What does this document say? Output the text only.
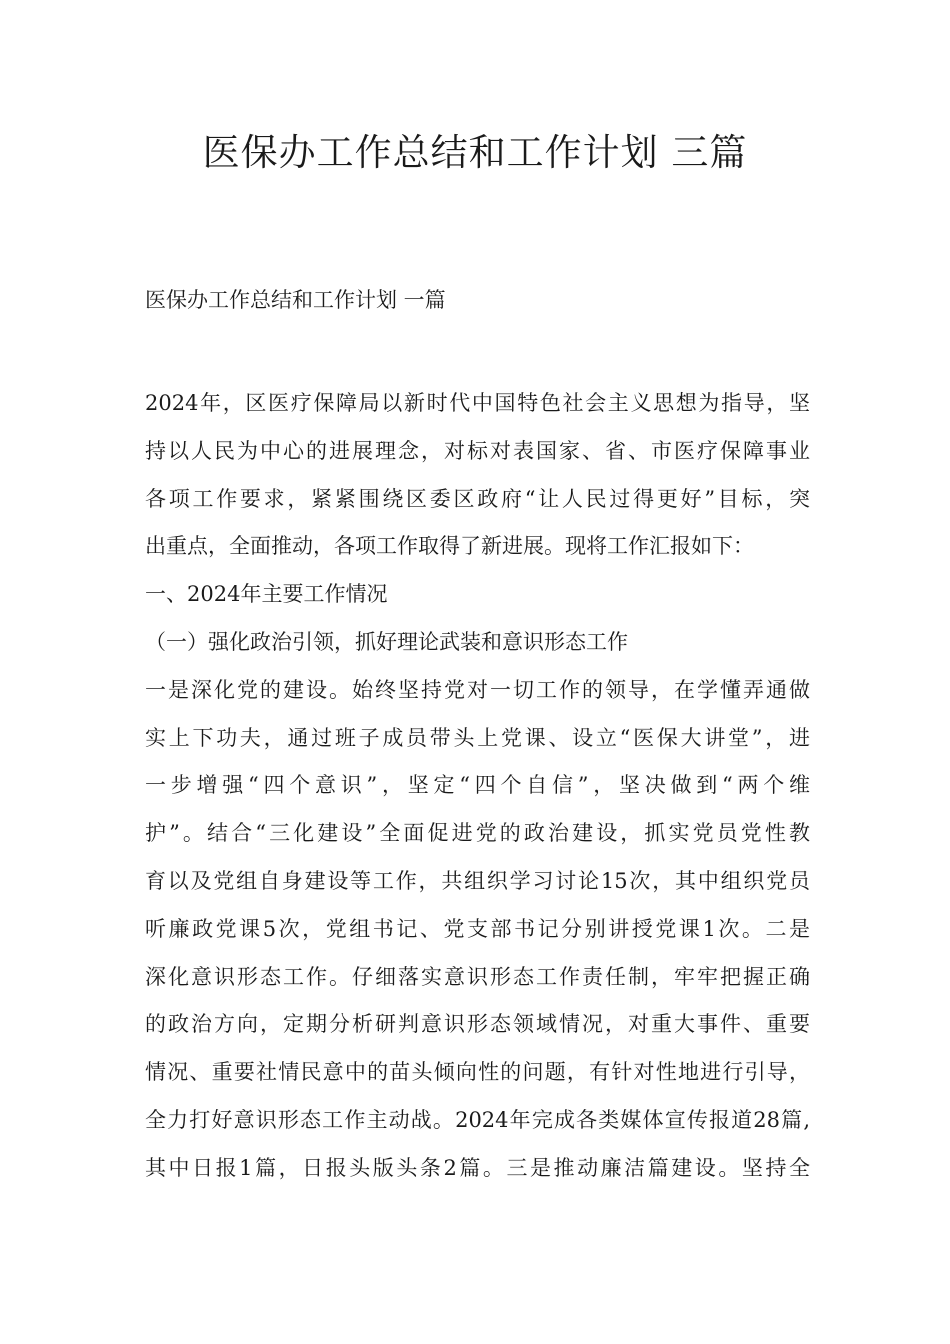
医保办工作总结和工作计划 三篇
医保办工作总结和工作计划 一篇
2024年，区医疗保障局以新时代中国特色社会主义思想为指导，坚
持以人民为中心的进展理念，对标对表国家、省、市医疗保障事业
各项工作要求，紧紧围绕区委区政府“让人民过得更好”目标，突
出重点，全面推动，各项工作取得了新进展。现将工作汇报如下：
一、2024年主要工作情况
（一）强化政治引领，抓好理论武装和意识形态工作
一是深化党的建设。始终坚持党对一切工作的领导，在学懂弄通做
实上下功夫，通过班子成员带头上党课、设立“医保大讲堂”，进
一步增强“四个意识”，坚定“四个自信”，坚决做到“两个维
护”。结合“三化建设”全面促进党的政治建设，抓实党员党性教
育以及党组自身建设等工作，共组织学习讨论15次，其中组织党员
听廉政党课5次，党组书记、党支部书记分别讲授党课1次。二是
深化意识形态工作。仔细落实意识形态工作责任制，牢牢把握正确
的政治方向，定期分析研判意识形态领域情况，对重大事件、重要
情况、重要社情民意中的苗头倾向性的问题，有针对性地进行引导，
全力打好意识形态工作主动战。2024年完成各类媒体宣传报道28篇,
其中日报1篇，日报头版头条2篇。三是推动廉洁篇建设。坚持全
